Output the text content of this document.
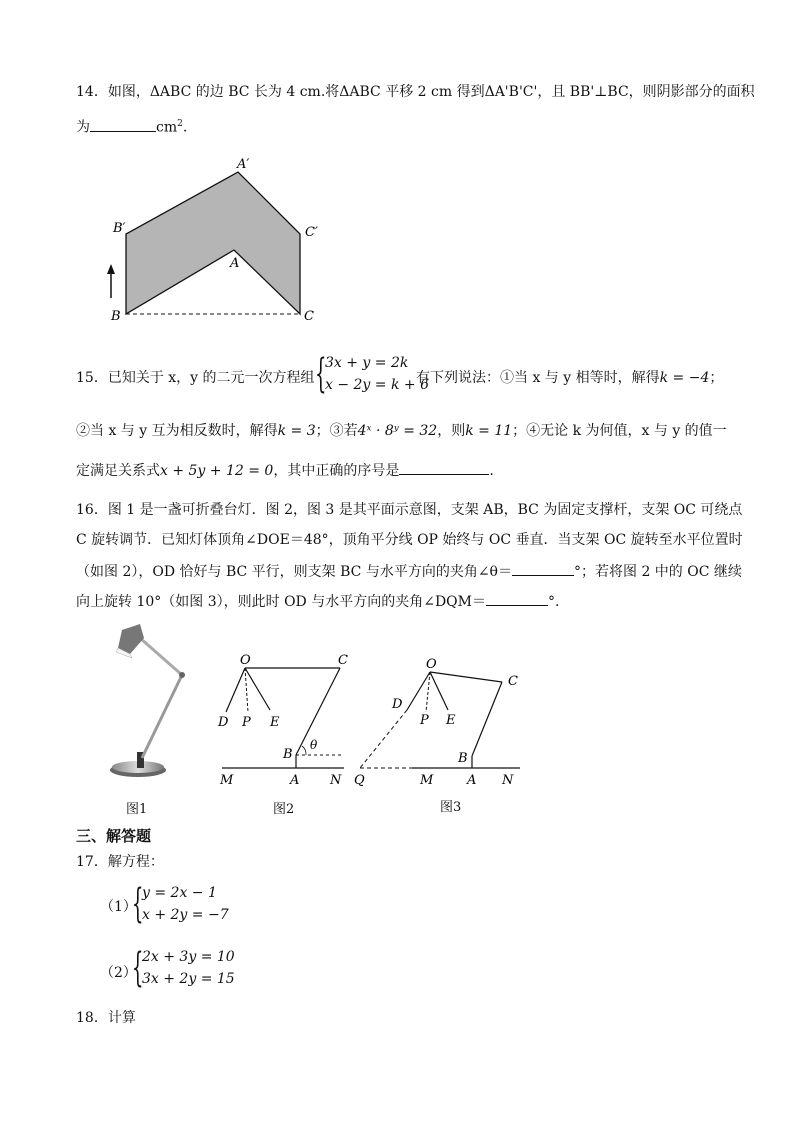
14．如图，ΔABC 的边 BC 长为 4 cm.将ΔABC 平移 2 cm 得到ΔA'B'C'，且 BB'⊥BC，则阴影部分的面积
为	$cm^2$.
A′
B′	C′
A
B	C
15．已知关于 x，y 的二元一次方程组 {
3x + y = 2k
x − 2y = k + 6
有下列说法：①当 x 与 y 相等时，解得k = −4；
②当 x 与 y 互为相反数时，解得k = 3；③若4ˣ · 8ʸ = 32，则k = 11；④无论 k 为何值，x 与 y 的值一
定满足关系式x + 5y + 12 = 0，其中正确的序号是	.
16．图 1 是一盏可折叠台灯．图 2，图 3 是其平面示意图，支架 AB，BC 为固定支撑杆，支架 OC 可绕点
C 旋转调节．已知灯体顶角∠DOE＝48°，顶角平分线 OP 始终与 OC 垂直．当支架 OC 旋转至水平位置时
（如图 2），OD 恰好与 BC 平行，则支架 BC 与水平方向的夹角∠θ＝	°；若将图 2 中的 OC 继续
向上旋转 10°（如图 3），则此时 OD 与水平方向的夹角∠DQM＝	°.
O	C
D P E
B
θ
M	A N
O
C
D
P E
B
Q	M	A N
图1	图2	图3
三、解答题
17．解方程：
（1）
{
y = 2x − 1
x + 2y = −7
（2）
{
2x + 3y = 10
3x + 2y = 15
18．计算
